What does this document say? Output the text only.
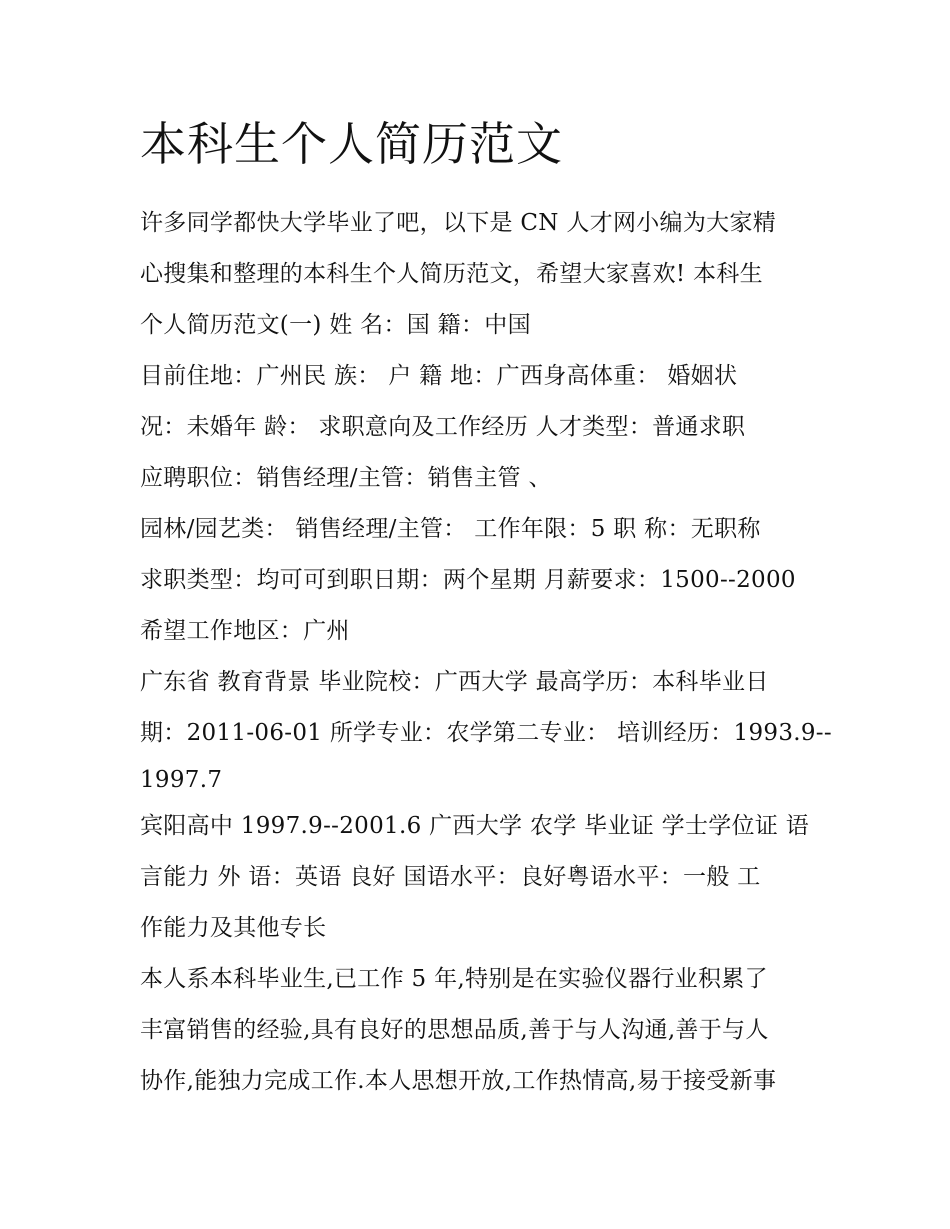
本科生个人简历范文
许多同学都快大学毕业了吧，以下是 CN 人才网小编为大家精
心搜集和整理的本科生个人简历范文，希望大家喜欢! 本科生
个人简历范文(一) 姓 名：国 籍：中国
目前住地：广州民 族： 户 籍 地：广西身高体重： 婚姻状
况：未婚年 龄： 求职意向及工作经历 人才类型：普通求职
应聘职位：销售经理/主管：销售主管 、
园林/园艺类： 销售经理/主管： 工作年限：5 职 称：无职称
求职类型：均可可到职日期：两个星期 月薪要求：1500--2000
希望工作地区：广州
广东省 教育背景 毕业院校：广西大学 最高学历：本科毕业日
期：2011-06-01 所学专业：农学第二专业： 培训经历：1993.9--
1997.7
宾阳高中 1997.9--2001.6 广西大学 农学 毕业证 学士学位证 语
言能力 外 语：英语 良好 国语水平：良好粤语水平：一般 工
作能力及其他专长
本人系本科毕业生,已工作 5 年,特别是在实验仪器行业积累了
丰富销售的经验,具有良好的思想品质,善于与人沟通,善于与人
协作,能独力完成工作.本人思想开放,工作热情高,易于接受新事
